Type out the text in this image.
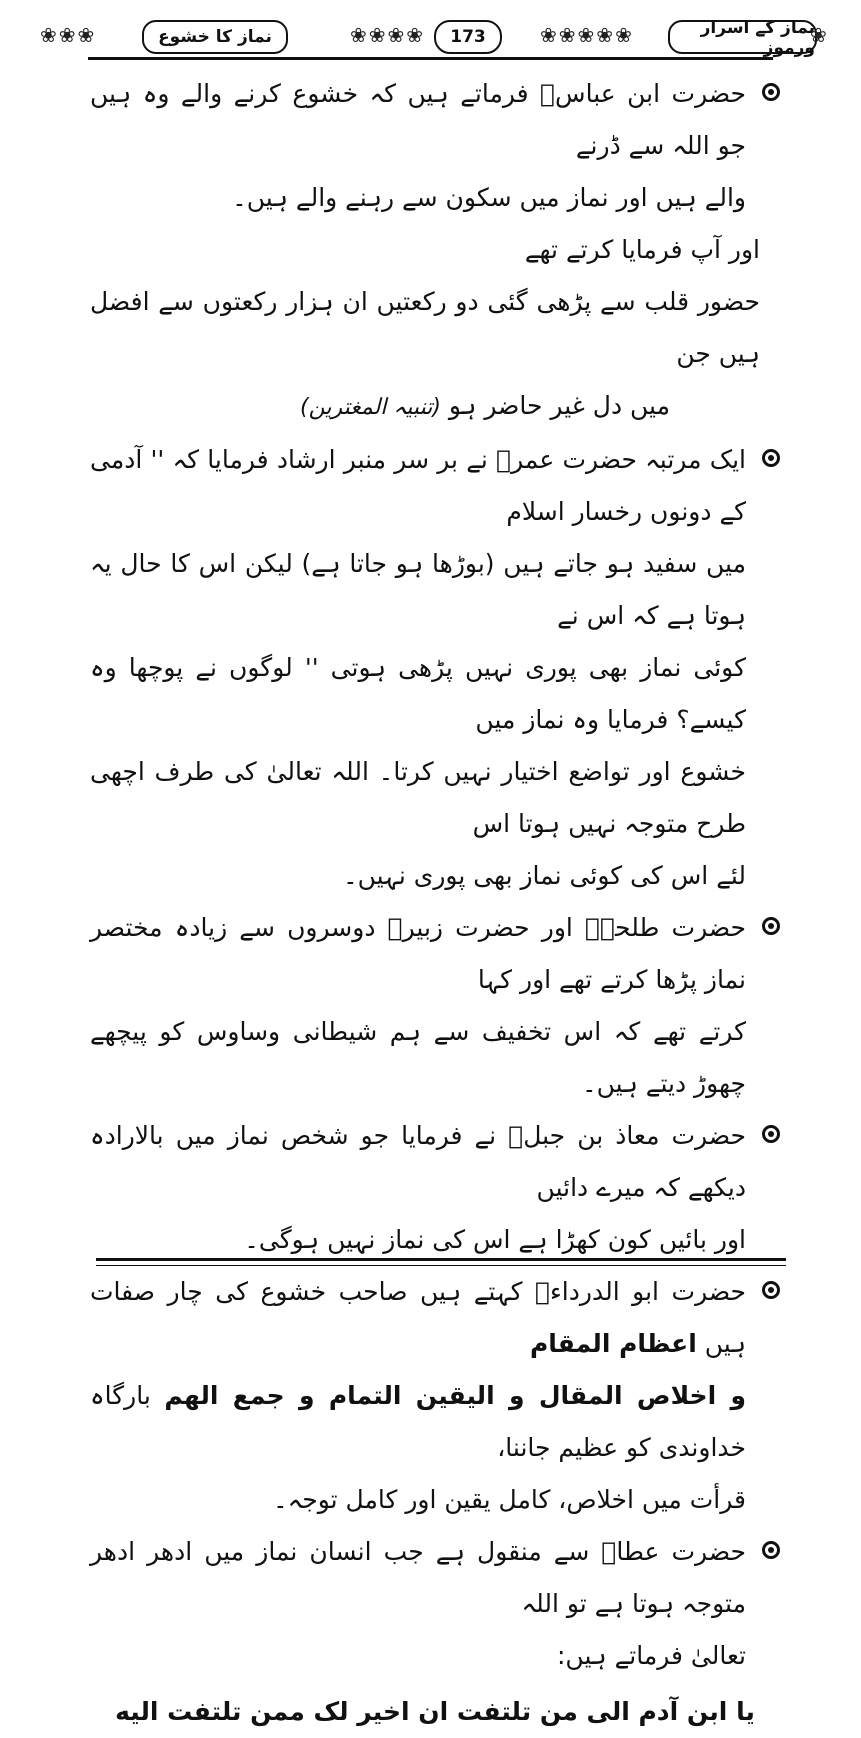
❀ ❀ ❀	نماز کا خشوع	❀ ❀ ❀ ❀	173	❀ ❀ ❀ ❀ ❀	نماز کے اسرار ورموز
❀
حضرت ابن عباسؓ فرماتے ہیں کہ خشوع کرنے والے وہ ہیں جو اللہ سے ڈرنے
والے ہیں اور نماز میں سکون سے رہنے والے ہیں۔
اور آپ فرمایا کرتے تھے
حضور قلب سے پڑھی گئی دو رکعتیں ان ہزار رکعتوں سے افضل ہیں جن
میں دل غیر حاضر ہو (تنبیہ المغترین)
ایک مرتبہ حضرت عمرؓ نے بر سر منبر ارشاد فرمایا کہ '' آدمی کے دونوں رخسار اسلام
میں سفید ہو جاتے ہیں (بوڑھا ہو جاتا ہے) لیکن اس کا حال یہ ہوتا ہے کہ اس نے
کوئی نماز بھی پوری نہیں پڑھی ہوتی '' لوگوں نے پوچھا وہ کیسے؟ فرمایا وہ نماز میں
خشوع اور تواضع اختیار نہیں کرتا۔ اللہ تعالیٰ کی طرف اچھی طرح متوجہ نہیں ہوتا اس
لئے اس کی کوئی نماز بھی پوری نہیں۔
حضرت طلحہؓ اور حضرت زبیرؓ دوسروں سے زیادہ مختصر نماز پڑھا کرتے تھے اور کہا
کرتے تھے کہ اس تخفیف سے ہم شیطانی وساوس کو پیچھے چھوڑ دیتے ہیں۔
حضرت معاذ بن جبلؓ نے فرمایا جو شخص نماز میں بالارادہ دیکھے کہ میرے دائیں
اور بائیں کون کھڑا ہے اس کی نماز نہیں ہوگی۔
حضرت ابو الدرداءؓ کہتے ہیں صاحب خشوع کی چار صفات ہیں اعظام المقام
و اخلاص المقال و الیقین التمام و جمع الھم بارگاہ خداوندی کو عظیم جاننا،
قرأت میں اخلاص، کامل یقین اور کامل توجہ۔
حضرت عطاؒ سے منقول ہے جب انسان نماز میں ادھر ادھر متوجہ ہوتا ہے تو اللہ
تعالیٰ فرماتے ہیں:
یا ابن آدم الی من تلتفت ان اخیر لک ممن تلتفت الیه
